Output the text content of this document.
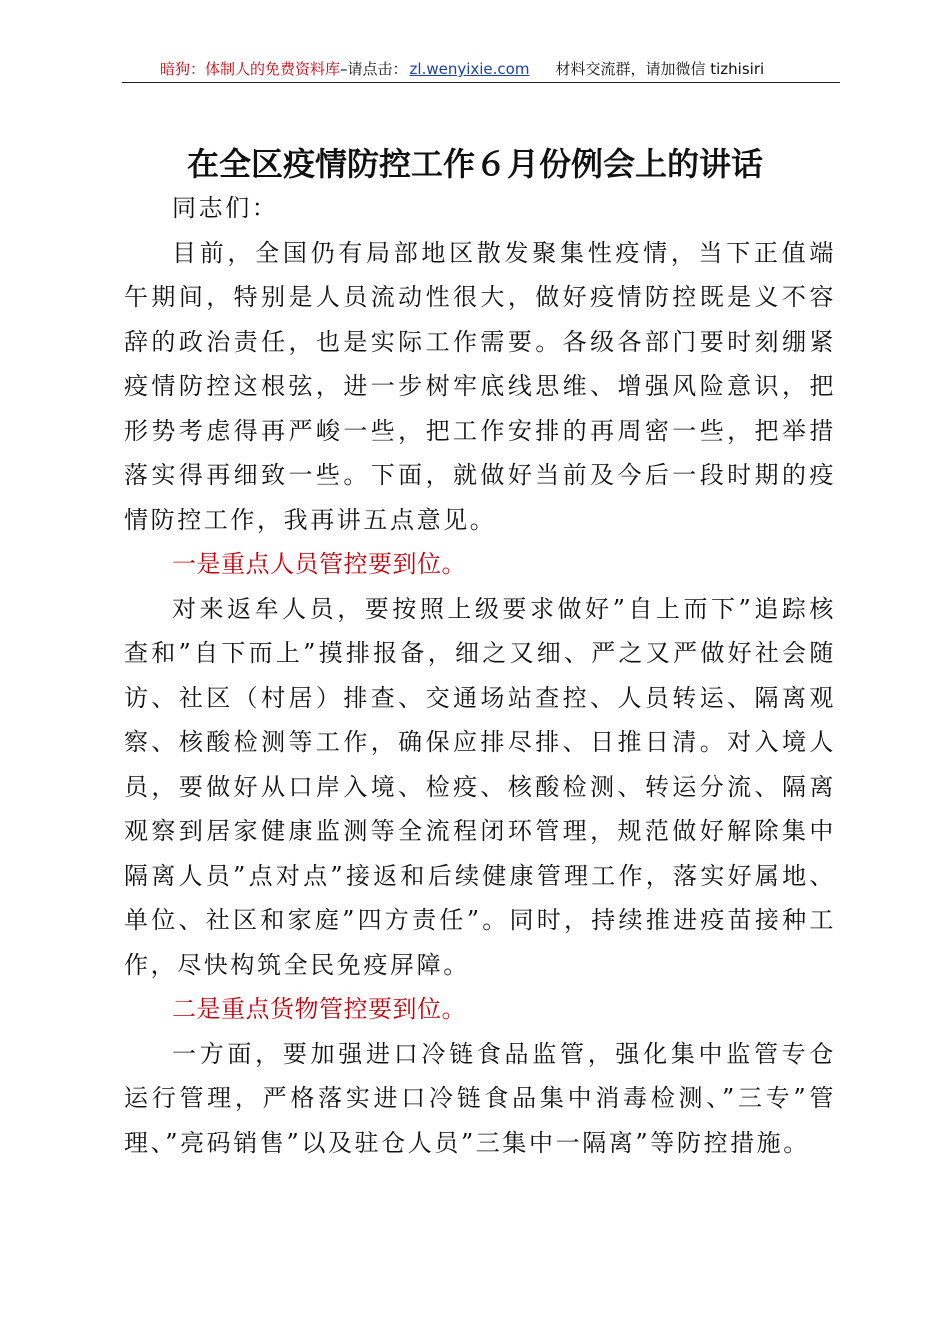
暗狗：体制人的免费资料库–请点击： zl.wenyixie.com 材料交流群，请加微信 tizhisiri
在全区疫情防控工作６月份例会上的讲话

同志们：

目前，全国仍有局部地区散发聚集性疫情，当下正值端午期间，特别是人员流动性很大，做好疫情防控既是义不容辞的政治责任，也是实际工作需要。各级各部门要时刻绷紧疫情防控这根弦，进一步树牢底线思维、增强风险意识，把形势考虑得再严峻一些，把工作安排的再周密一些，把举措落实得再细致一些。下面，就做好当前及今后一段时期的疫情防控工作，我再讲五点意见。

一是重点人员管控要到位。

对来返牟人员，要按照上级要求做好”自上而下”追踪核查和”自下而上”摸排报备，细之又细、严之又严做好社会随访、社区（村居）排查、交通场站查控、人员转运、隔离观察、核酸检测等工作，确保应排尽排、日推日清。对入境人员，要做好从口岸入境、检疫、核酸检测、转运分流、隔离观察到居家健康监测等全流程闭环管理，规范做好解除集中隔离人员”点对点”接返和后续健康管理工作，落实好属地、单位、社区和家庭”四方责任”。同时，持续推进疫苗接种工作，尽快构筑全民免疫屏障。

二是重点货物管控要到位。

一方面，要加强进口冷链食品监管，强化集中监管专仓运行管理，严格落实进口冷链食品集中消毒检测、”三专”管理、”亮码销售”以及驻仓人员”三集中一隔离”等防控措施。
